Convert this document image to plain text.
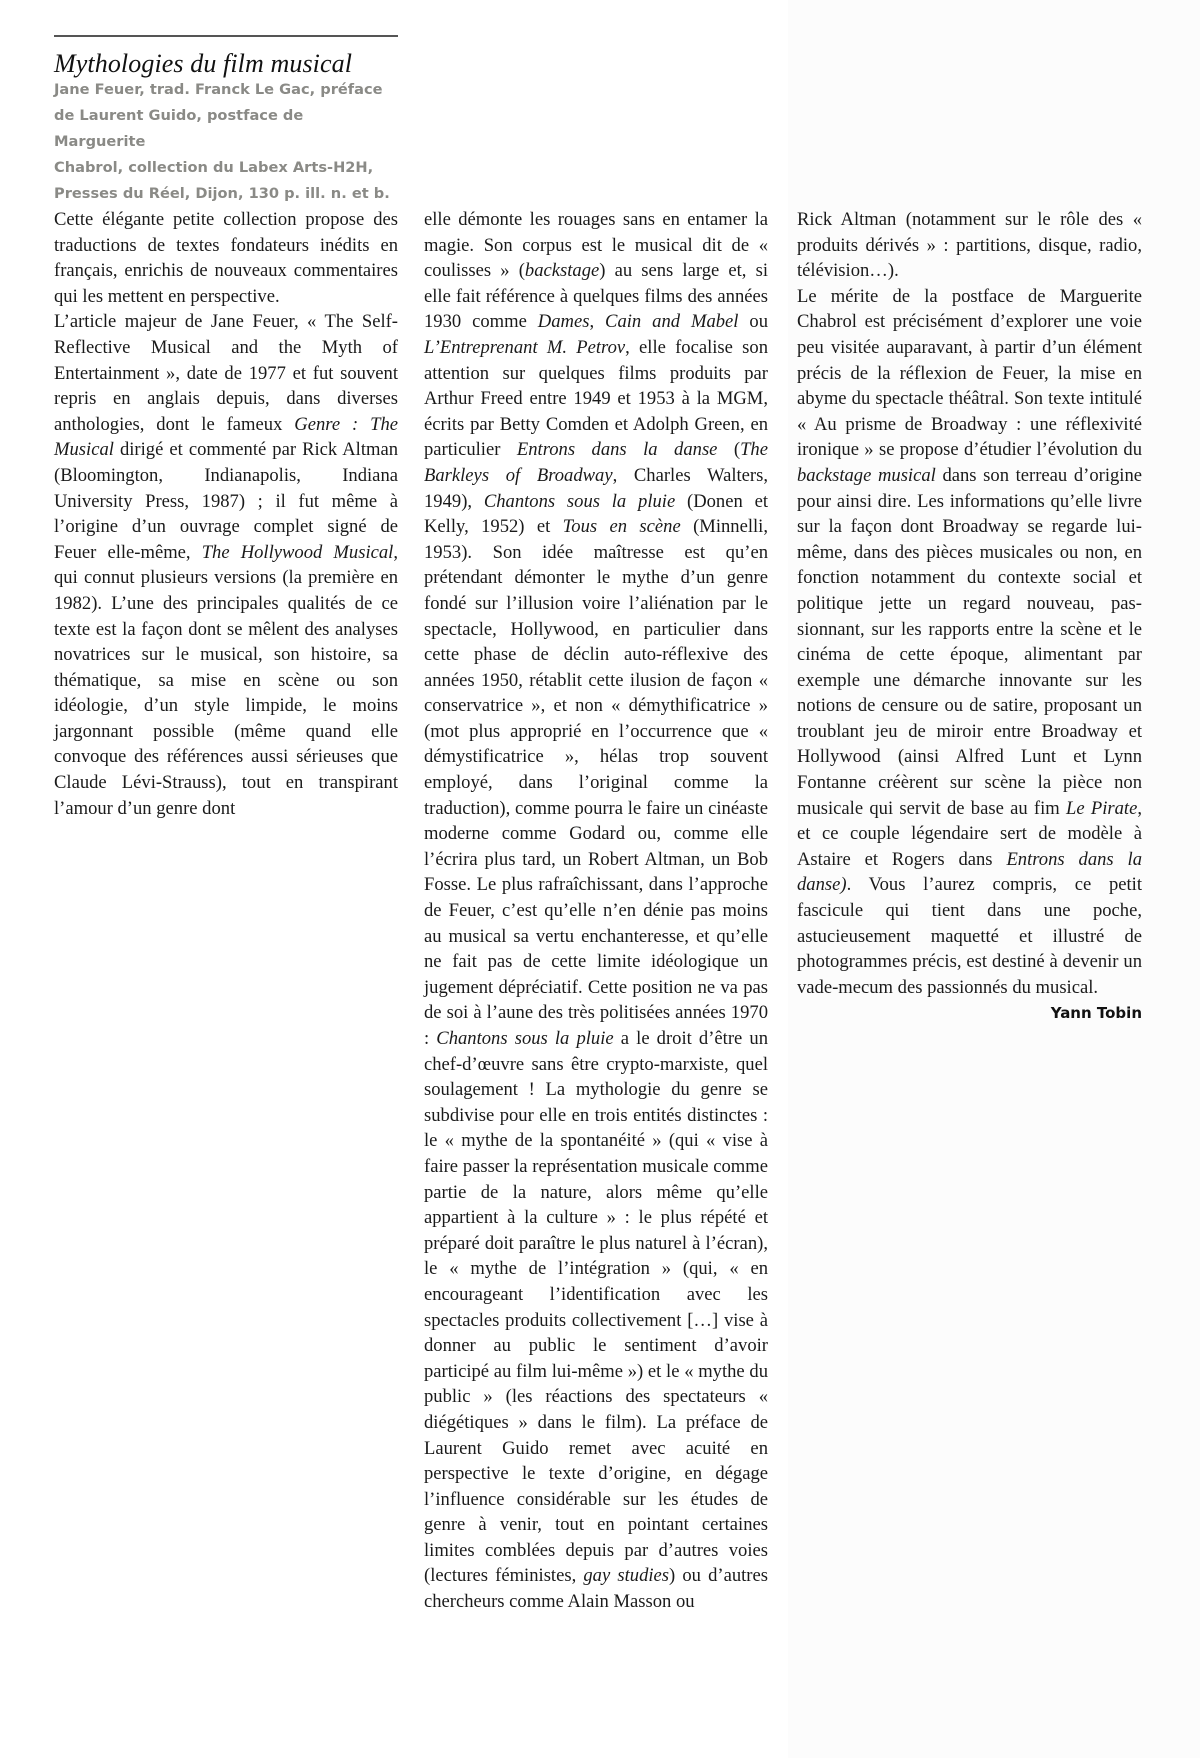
Mythologies du film musical
Jane Feuer, trad. Franck Le Gac, préface
de Laurent Guido, postface de Marguerite
Chabrol, collection du Labex Arts-H2H,
Presses du Réel, Dijon, 130 p. ill. n. et b.

Cette élégante petite collection propose des traductions de textes fondateurs inédits en français, enrichis de nouveaux commentaires qui les mettent en perspective.

L’article majeur de Jane Feuer, « The Self-Reflective Musical and the Myth of Entertainment », date de 1977 et fut souvent repris en anglais depuis, dans diverses anthologies, dont le fameux Genre : The Musical dirigé et commenté par Rick Altman (Bloomington, Indianapolis, Indiana University Press, 1987) ; il fut même à l’origine d’un ouvrage complet signé de Feuer elle-même, The Hollywood Musical, qui connut plusieurs versions (la première en 1982). L’une des principales qualités de ce texte est la façon dont se mêlent des analyses novatrices sur le musical, son histoire, sa thématique, sa mise en scène ou son idéologie, d’un style limpide, le moins jargonnant possible (même quand elle convoque des références aussi sérieuses que Claude Lévi-Strauss), tout en transpirant l’amour d’un genre dont

elle démonte les rouages sans en entamer la magie. Son corpus est le musical dit de « coulisses » (backstage) au sens large et, si elle fait référence à quelques films des années 1930 comme Dames, Cain and Mabel ou L’Entreprenant M. Petrov, elle focalise son attention sur quelques films produits par Arthur Freed entre 1949 et 1953 à la MGM, écrits par Betty Comden et Adolph Green, en particulier Entrons dans la danse (The Barkleys of Broadway, Charles Walters, 1949), Chantons sous la pluie (Donen et Kelly, 1952) et Tous en scène (Minnelli, 1953). Son idée maîtresse est qu’en prétendant démonter le mythe d’un genre fondé sur l’illusion voire l’aliénation par le spectacle, Hollywood, en particulier dans cette phase de déclin auto-réflexive des années 1950, rétablit cette ilusion de façon « conservatrice », et non « démythificatrice » (mot plus approprié en l’occurrence que « démystificatrice », hélas trop souvent employé, dans l’original comme la traduction), comme pourra le faire un cinéaste moderne comme Godard ou, comme elle l’écrira plus tard, un Robert Altman, un Bob Fosse. Le plus rafraîchissant, dans l’approche de Feuer, c’est qu’elle n’en dénie pas moins au musical sa vertu enchanteresse, et qu’elle ne fait pas de cette limite idéologique un jugement dépréciatif. Cette position ne va pas de soi à l’aune des très politisées années 1970 : Chantons sous la pluie a le droit d’être un chef-d’œuvre sans être crypto-marxiste, quel soulagement ! La mythologie du genre se subdivise pour elle en trois entités distinctes : le « mythe de la spontanéité » (qui « vise à faire passer la représentation musicale comme partie de la nature, alors même qu’elle appartient à la culture » : le plus répété et préparé doit paraître le plus naturel à l’écran), le « mythe de l’intégration » (qui, « en encourageant l’identification avec les spectacles produits collectivement […] vise à donner au public le sentiment d’avoir participé au film lui-même ») et le « mythe du public » (les réactions des spectateurs « diégétiques » dans le film). La préface de Laurent Guido remet avec acuité en perspective le texte d’origine, en dégage l’influence considérable sur les études de genre à venir, tout en pointant certaines limites comblées depuis par d’autres voies (lectures féministes, gay studies) ou d’autres chercheurs comme Alain Masson ou

Rick Altman (notamment sur le rôle des « produits dérivés » : partitions, disque, radio, télévision…).

Le mérite de la postface de Marguerite Chabrol est précisément d’explorer une voie peu visitée auparavant, à partir d’un élément précis de la réflexion de Feuer, la mise en abyme du spectacle théâtral. Son texte intitulé « Au prisme de Broadway : une réflexivité ironique » se propose d’étudier l’évolution du backstage musical dans son terreau d’origine pour ainsi dire. Les informations qu’elle livre sur la façon dont Broadway se regarde lui-même, dans des pièces musicales ou non, en fonction notamment du contexte social et politique jette un regard nouveau, passionnant, sur les rapports entre la scène et le cinéma de cette époque, alimentant par exemple une démarche innovante sur les notions de censure ou de satire, proposant un troublant jeu de miroir entre Broadway et Hollywood (ainsi Alfred Lunt et Lynn Fontanne créèrent sur scène la pièce non musicale qui servit de base au fim Le Pirate, et ce couple légendaire sert de modèle à Astaire et Rogers dans Entrons dans la danse). Vous l’aurez compris, ce petit fascicule qui tient dans une poche, astucieusement maquetté et illustré de photogrammes précis, est destiné à devenir un vade-mecum des passionnés du musical.

Yann Tobin
